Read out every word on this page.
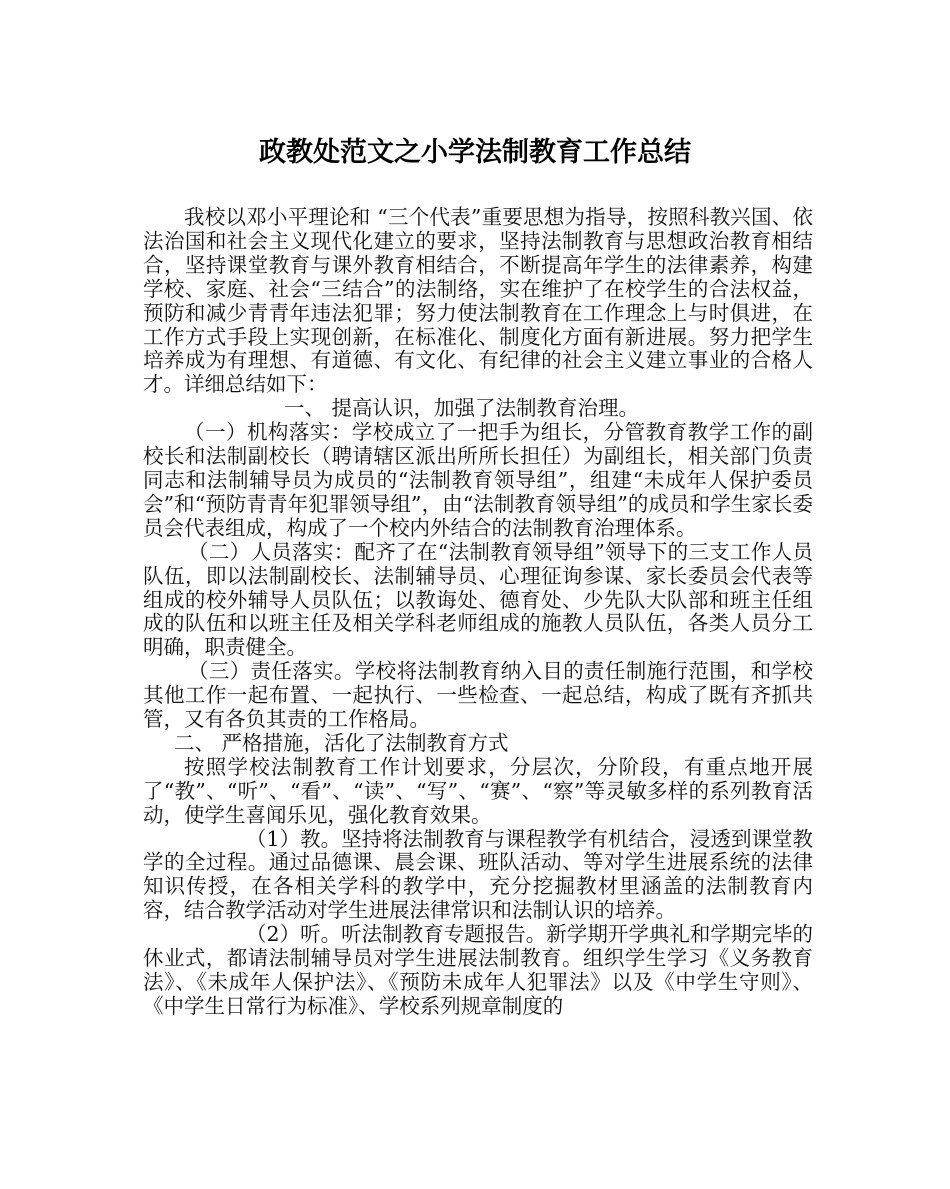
政教处范文之小学法制教育工作总结

我校以邓小平理论和 “三个代表”重要思想为指导，按照科教兴国、依法治国和社会主义现代化建立的要求，坚持法制教育与思想政治教育相结合，坚持课堂教育与课外教育相结合，不断提高年学生的法律素养，构建学校、家庭、社会“三结合”的法制络，实在维护了在校学生的合法权益，预防和减少青青年违法犯罪；努力使法制教育在工作理念上与时俱进，在工作方式手段上实现创新，在标准化、制度化方面有新进展。努力把学生培养成为有理想、有道德、有文化、有纪律的社会主义建立事业的合格人才。详细总结如下：

一、 提高认识，加强了法制教育治理。

（一）机构落实：学校成立了一把手为组长，分管教育教学工作的副校长和法制副校长（聘请辖区派出所所长担任）为副组长，相关部门负责同志和法制辅导员为成员的“法制教育领导组”，组建“未成年人保护委员会”和“预防青青年犯罪领导组”，由“法制教育领导组”的成员和学生家长委员会代表组成，构成了一个校内外结合的法制教育治理体系。

（二）人员落实：配齐了在“法制教育领导组”领导下的三支工作人员队伍，即以法制副校长、法制辅导员、心理征询参谋、家长委员会代表等组成的校外辅导人员队伍；以教诲处、德育处、少先队大队部和班主任组成的队伍和以班主任及相关学科老师组成的施教人员队伍，各类人员分工明确，职责健全。

（三）责任落实。学校将法制教育纳入目的责任制施行范围，和学校其他工作一起布置、一起执行、一些检查、一起总结，构成了既有齐抓共管，又有各负其责的工作格局。

二、 严格措施，活化了法制教育方式

按照学校法制教育工作计划要求，分层次，分阶段，有重点地开展了“教”、“听”、“看”、“读”、“写”、“赛”、“察”等灵敏多样的系列教育活动，使学生喜闻乐见，强化教育效果。

（1）教。坚持将法制教育与课程教学有机结合，浸透到课堂教学的全过程。通过品德课、晨会课、班队活动、等对学生进展系统的法律知识传授，在各相关学科的教学中，充分挖掘教材里涵盖的法制教育内容，结合教学活动对学生进展法律常识和法制认识的培养。

（2）听。听法制教育专题报告。新学期开学典礼和学期完毕的休业式，都请法制辅导员对学生进展法制教育。组织学生学习《义务教育法》、《未成年人保护法》、《预防未成年人犯罪法》以及《中学生守则》、《中学生日常行为标准》、学校系列规章制度的
